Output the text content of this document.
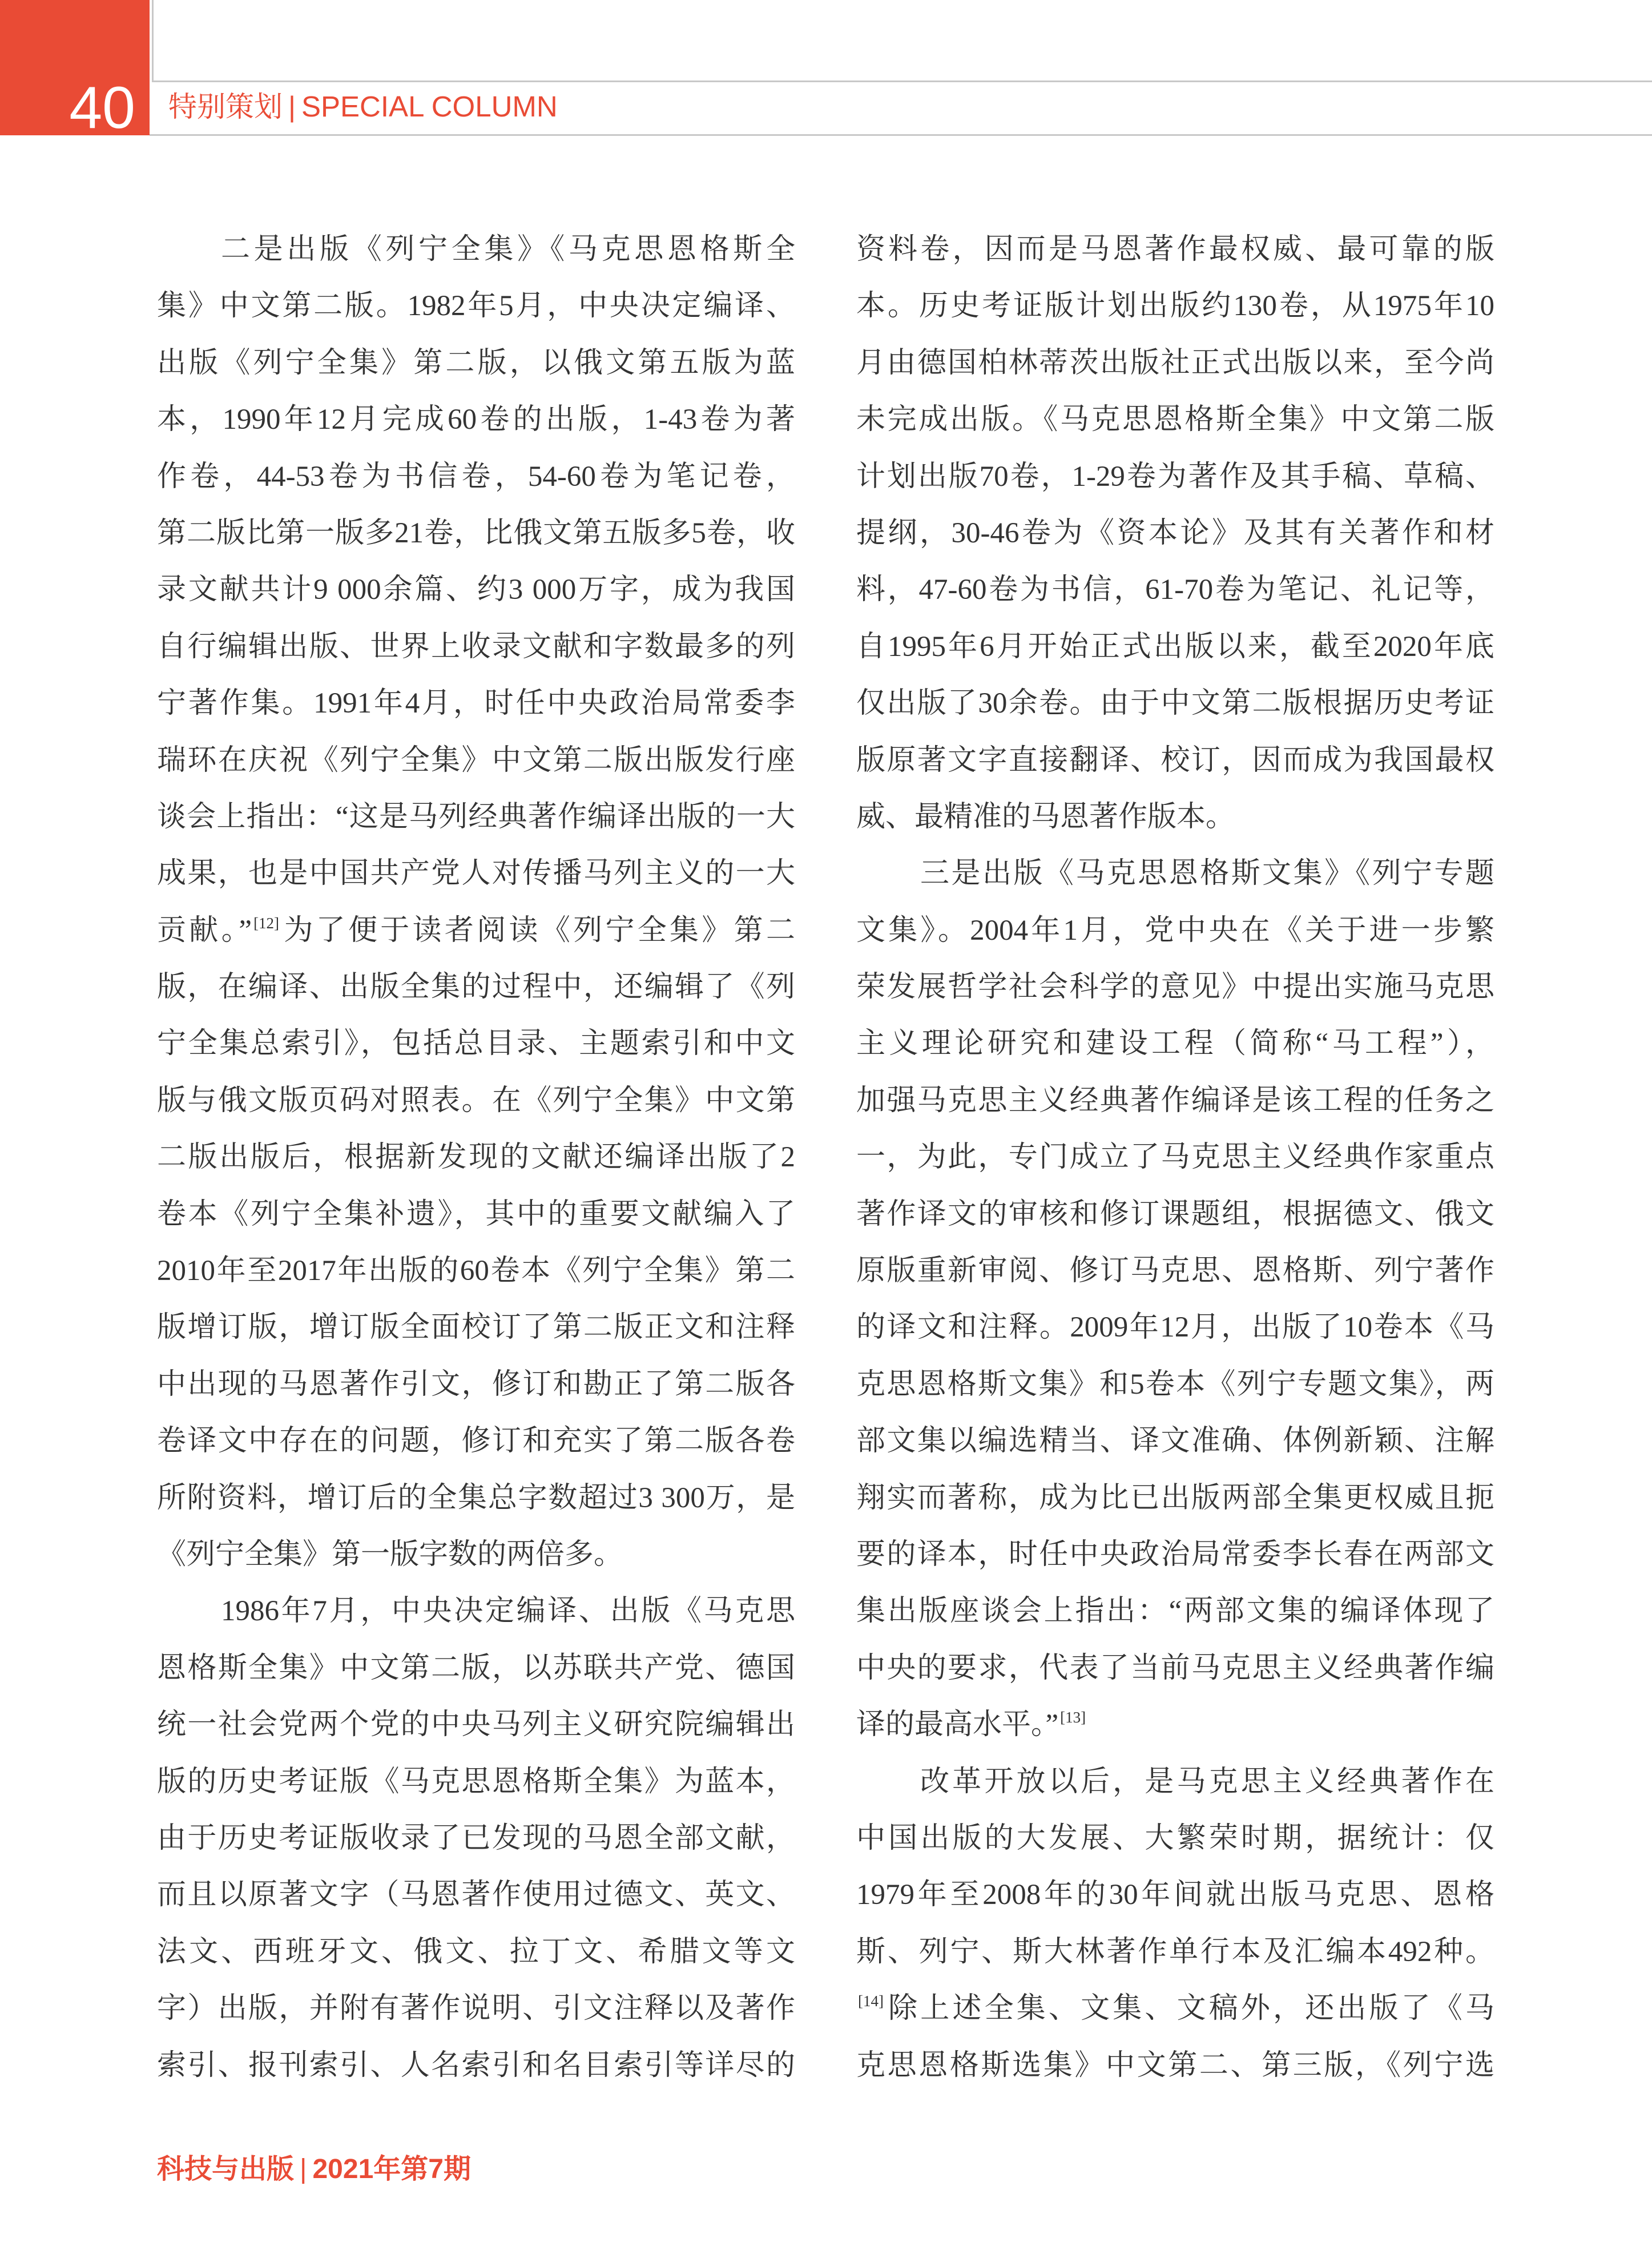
40 特别策划 | SPECIAL COLUMN
二是出版《列宁全集》《马克思恩格斯全
集》中文第二版。1982年5月，中央决定编译、
出版《列宁全集》第二版，以俄文第五版为蓝
本，1990年12月完成60卷的出版，1-43卷为著
作卷，44-53卷为书信卷，54-60卷为笔记卷，
第二版比第一版多21卷，比俄文第五版多5卷，收
录文献共计9 000余篇、约3 000万字，成为我国
自行编辑出版、世界上收录文献和字数最多的列
宁著作集。1991年4月，时任中央政治局常委李
瑞环在庆祝《列宁全集》中文第二版出版发行座
谈会上指出：“这是马列经典著作编译出版的一大
成果，也是中国共产党人对传播马列主义的一大
贡献。” [12]为了便于读者阅读《列宁全集》第二
版，在编译、出版全集的过程中，还编辑了《列
宁全集总索引》，包括总目录、主题索引和中文
版与俄文版页码对照表。在《列宁全集》中文第
二版出版后，根据新发现的文献还编译出版了2
卷本《列宁全集补遗》，其中的重要文献编入了
2010年至2017年出版的60卷本《列宁全集》第二
版增订版，增订版全面校订了第二版正文和注释
中出现的马恩著作引文，修订和勘正了第二版各
卷译文中存在的问题，修订和充实了第二版各卷
所附资料，增订后的全集总字数超过3 300万，是
《列宁全集》第一版字数的两倍多。
1986年7月，中央决定编译、出版《马克思
恩格斯全集》中文第二版，以苏联共产党、德国
统一社会党两个党的中央马列主义研究院编辑出
版的历史考证版《马克思恩格斯全集》为蓝本，
由于历史考证版收录了已发现的马恩全部文献，
而且以原著文字（马恩著作使用过德文、英文、
法文、西班牙文、俄文、拉丁文、希腊文等文
字）出版，并附有著作说明、引文注释以及著作
索引、报刊索引、人名索引和名目索引等详尽的
资料卷，因而是马恩著作最权威、最可靠的版
本。历史考证版计划出版约130卷，从1975年10
月由德国柏林蒂茨出版社正式出版以来，至今尚
未完成出版。《马克思恩格斯全集》中文第二版
计划出版70卷，1-29卷为著作及其手稿、草稿、
提纲，30-46卷为《资本论》及其有关著作和材
料，47-60卷为书信，61-70卷为笔记、礼记等，
自1995年6月开始正式出版以来，截至2020年底
仅出版了30余卷。由于中文第二版根据历史考证
版原著文字直接翻译、校订，因而成为我国最权
威、最精准的马恩著作版本。
三是出版《马克思恩格斯文集》《列宁专题
文集》。2004年1月，党中央在《关于进一步繁
荣发展哲学社会科学的意见》中提出实施马克思
主义理论研究和建设工程（简称“马工程”），
加强马克思主义经典著作编译是该工程的任务之
一，为此，专门成立了马克思主义经典作家重点
著作译文的审核和修订课题组，根据德文、俄文
原版重新审阅、修订马克思、恩格斯、列宁著作
的译文和注释。2009年12月，出版了10卷本《马
克思恩格斯文集》和5卷本《列宁专题文集》，两
部文集以编选精当、译文准确、体例新颖、注解
翔实而著称，成为比已出版两部全集更权威且扼
要的译本，时任中央政治局常委李长春在两部文
集出版座谈会上指出：“两部文集的编译体现了
中央的要求，代表了当前马克思主义经典著作编
译的最高水平。” [13]
改革开放以后，是马克思主义经典著作在
中国出版的大发展、大繁荣时期，据统计：仅
1979年至2008年的30年间就出版马克思、恩格
斯、列宁、斯大林著作单行本及汇编本492种。
[14]除上述全集、文集、文稿外，还出版了《马
克思恩格斯选集》中文第二、第三版，《列宁选
科技与出版 | 2021年第7期
